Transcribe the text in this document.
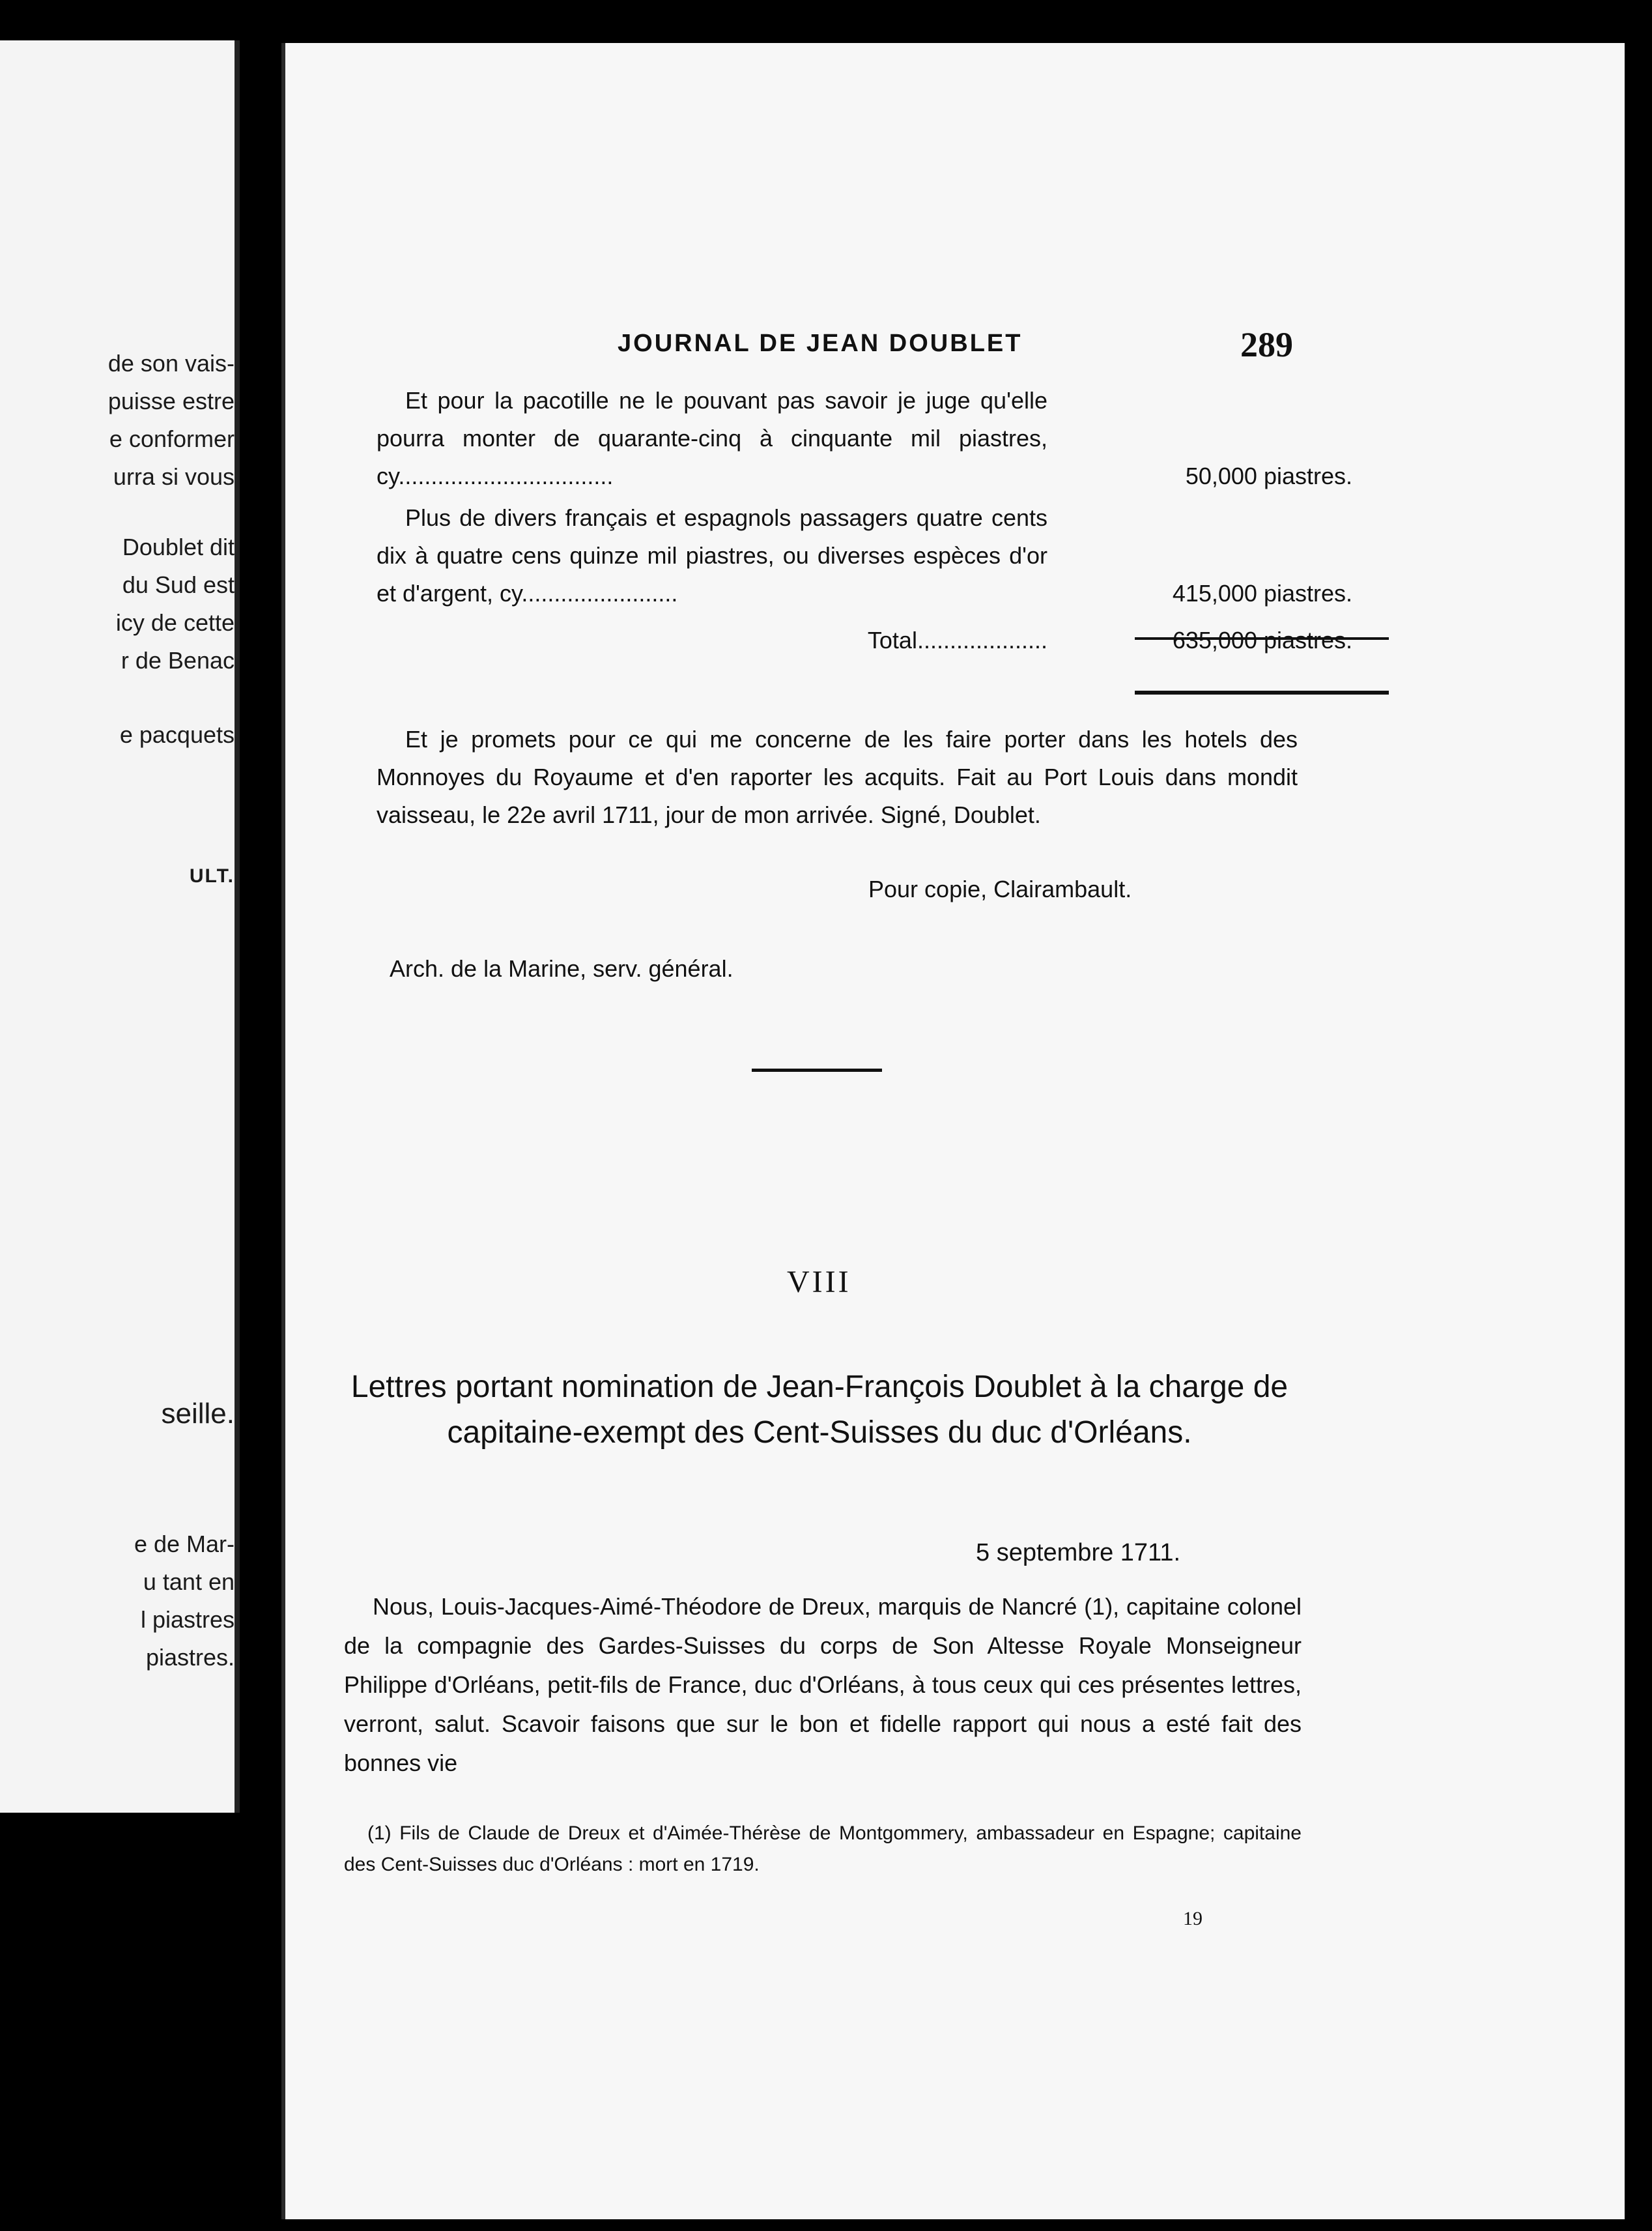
de son vais-
puisse estre
e conformer
urra si vous
Doublet dit
du Sud est
icy de cette
r de Benac
e pacquets
ULT.
seille.
e de Mar-
u tant en
l piastres
piastres.
JOURNAL DE JEAN DOUBLET	289

Et pour la pacotille ne le pouvant pas savoir je juge qu'elle pourra monter de quarante-cinq à cinquante mil piastres, cy.................................	50,000 piastres.

Plus de divers français et espagnols passagers quatre cents dix à quatre cens quinze mil piastres, ou diverses espèces d'or et d'argent, cy........................	415,000 piastres.

Total....................	635,000 piastres.
Et je promets pour ce qui me concerne de les faire porter dans les hotels des Monnoyes du Royaume et d'en raporter les acquits. Fait au Port Louis dans mondit vaisseau, le 22e avril 1711, jour de mon arrivée. Signé, Doublet.
Pour copie, Clairambault.
Arch. de la Marine, serv. général.
VIII
Lettres portant nomination de Jean-François Doublet à la charge de capitaine-exempt des Cent-Suisses du duc d'Orléans.
5 septembre 1711.
Nous, Louis-Jacques-Aimé-Théodore de Dreux, marquis de Nancré (1), capitaine colonel de la compagnie des Gardes-Suisses du corps de Son Altesse Royale Monseigneur Philippe d'Orléans, petit-fils de France, duc d'Orléans, à tous ceux qui ces présentes lettres, verront, salut. Scavoir faisons que sur le bon et fidelle rapport qui nous a esté fait des bonnes vie
(1) Fils de Claude de Dreux et d'Aimée-Thérèse de Montgommery, ambassadeur en Espagne; capitaine des Cent-Suisses duc d'Orléans : mort en 1719.
19
